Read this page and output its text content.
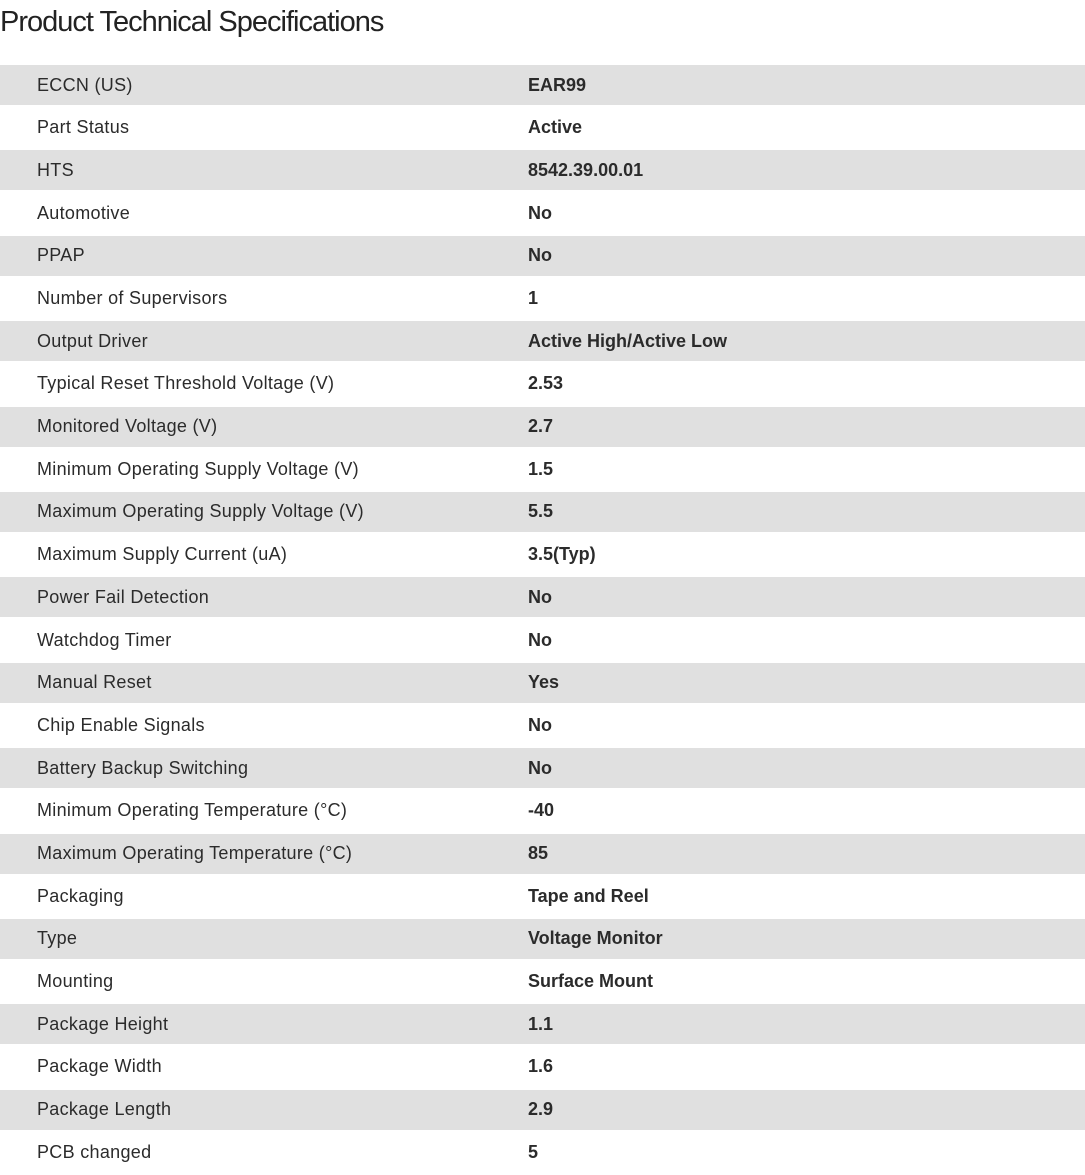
Product Technical Specifications
ECCN (US)	EAR99
Part Status	Active
HTS	8542.39.00.01
Automotive	No
PPAP	No
Number of Supervisors	1
Output Driver	Active High/Active Low
Typical Reset Threshold Voltage (V)	2.53
Monitored Voltage (V)	2.7
Minimum Operating Supply Voltage (V)	1.5
Maximum Operating Supply Voltage (V)	5.5
Maximum Supply Current (uA)	3.5(Typ)
Power Fail Detection	No
Watchdog Timer	No
Manual Reset	Yes
Chip Enable Signals	No
Battery Backup Switching	No
Minimum Operating Temperature (°C)	-40
Maximum Operating Temperature (°C)	85
Packaging	Tape and Reel
Type	Voltage Monitor
Mounting	Surface Mount
Package Height	1.1
Package Width	1.6
Package Length	2.9
PCB changed	5
